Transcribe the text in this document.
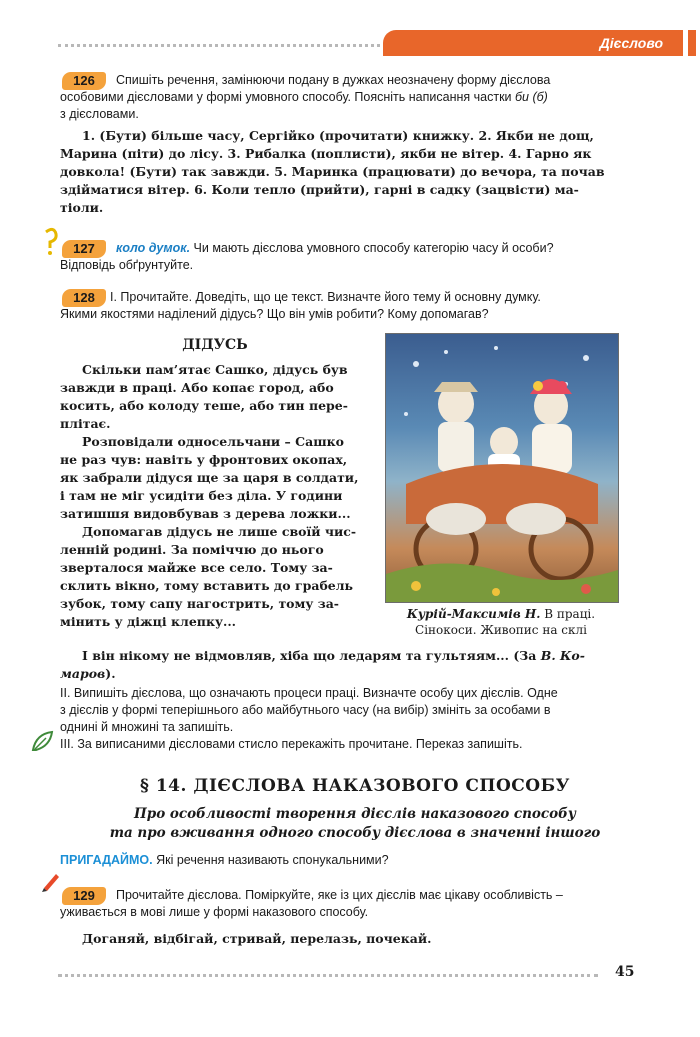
Дієслово
126	Спишіть речення, замінюючи подану в дужках неозначену форму дієслова

особовими дієсловами у формі умовного способу. Поясніть написання частки би (б)

з дієсловами.

1. (Бути) більше часу, Сергійко (прочитати) книжку. 2. Якби не дощ,

Марина (піти) до лісу. 3. Рибалка (поплисти), якби не вітер. 4. Гарно як

довкола! (Бути) так завжди. 5. Маринка (працювати) до вечора, та почав

здійматися вітер. 6. Коли тепло (прийти), гарні в садку (зацвісти) ма-

тіоли.

127	коло думок. Чи мають дієслова умовного способу категорію часу й особи?

Відповідь обґрунтуйте.

128	І. Прочитайте. Доведіть, що це текст. Визначте його тему й основну думку.

Якими якостями наділений дідусь? Що він умів робити? Кому допомагав?

ДІДУСЬ

Скільки пам’ятає Сашко, дідусь був

завжди в праці. Або копає город, або

косить, або колоду теше, або тин пере-

плітає.

Розповідали односельчани – Сашко

не раз чув: навіть у фронтових окопах,

як забрали дідуся ще за царя в солдати,

і там не міг усидіти без діла. У години

затишшя видовбував з дерева ложки...

Допомагав дідусь не лише своїй чис-

ленній родині. За поміччю до нього

зверталося майже все село. Тому за-

склить вікно, тому вставить до грабель

зубок, тому сапу нагострить, тому за-

мінить у діжці клепку...	Курій-Максимів Н. В праці.

Сінокоси. Живопис на склі

І він нікому не відмовляв, хіба що ледарям та гультяям... (За В. Ко-

маров).

ІІ. Випишіть дієслова, що означають процеси праці. Визначте особу цих дієслів. Одне

з дієслів у формі теперішнього або майбутнього часу (на вибір) змініть за особами в

однині й множині та запишіть.

ІІІ. За виписаними дієсловами стисло перекажіть прочитане. Переказ запишіть.

§ 14. ДІЄСЛОВА НАКАЗОВОГО СПОСОБУ

Про особливості творення дієслів наказового способу

та про вживання одного способу дієслова в значенні іншого

ПРИГАДАЙМО. Які речення називають спонукальними?
129	Прочитайте дієслова. Поміркуйте, яке із цих дієслів має цікаву особливість –

уживається в мові лише у формі наказового способу.

Доганяй, відбігай, стривай, перелазь, почекай.
45
